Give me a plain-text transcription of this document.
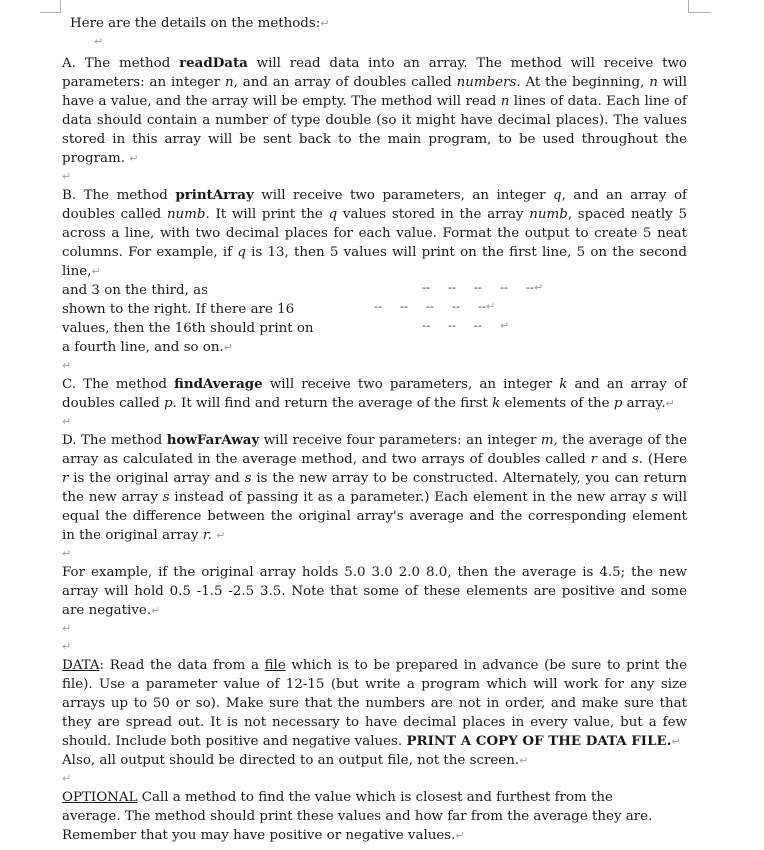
Here are the details on the methods:↵

↵

A. The method readData will read data into an array. The method will receive two parameters: an integer n, and an array of doubles called numbers. At the beginning, n will have a value, and the array will be empty. The method will read n lines of data. Each line of data should contain a number of type double (so it might have decimal places). The values stored in this array will be sent back to the main program, to be used throughout the program. ↵

↵

B. The method printArray will receive two parameters, an integer q, and an array of doubles called numb. It will print the q values stored in the array numb, spaced neatly 5 across a line, with two decimal places for each value. Format the output to create 5 neat columns. For example, if q is 13, then 5 values will print on the first line, 5 on the second line,↵

and 3 on the third, as

shown to the right. If there are 16

values, then the 16th should print on

a fourth line, and so on.↵

-- -- -- -- --↵
-- -- -- -- --↵
-- -- -- ↵
↵

C. The method findAverage will receive two parameters, an integer k and an array of doubles called p. It will find and return the average of the first k elements of the p array.↵

↵

D. The method howFarAway will receive four parameters: an integer m, the average of the array as calculated in the average method, and two arrays of doubles called r and s. (Here r is the original array and s is the new array to be constructed. Alternately, you can return the new array s instead of passing it as a parameter.) Each element in the new array s will equal the difference between the original array's average and the corresponding element in the original array r. ↵

↵

For example, if the original array holds 5.0 3.0 2.0 8.0, then the average is 4.5; the new array will hold 0.5 -1.5 -2.5 3.5. Note that some of these elements are positive and some are negative.↵

↵
↵

DATA: Read the data from a file which is to be prepared in advance (be sure to print the file). Use a parameter value of 12-15 (but write a program which will work for any size arrays up to 50 or so). Make sure that the numbers are not in order, and make sure that they are spread out. It is not necessary to have decimal places in every value, but a few should. Include both positive and negative values. PRINT A COPY OF THE DATA FILE.↵
Also, all output should be directed to an output file, not the screen.↵

↵

OPTIONAL Call a method to find the value which is closest and furthest from the average. The method should print these values and how far from the average they are. Remember that you may have positive or negative values.↵
